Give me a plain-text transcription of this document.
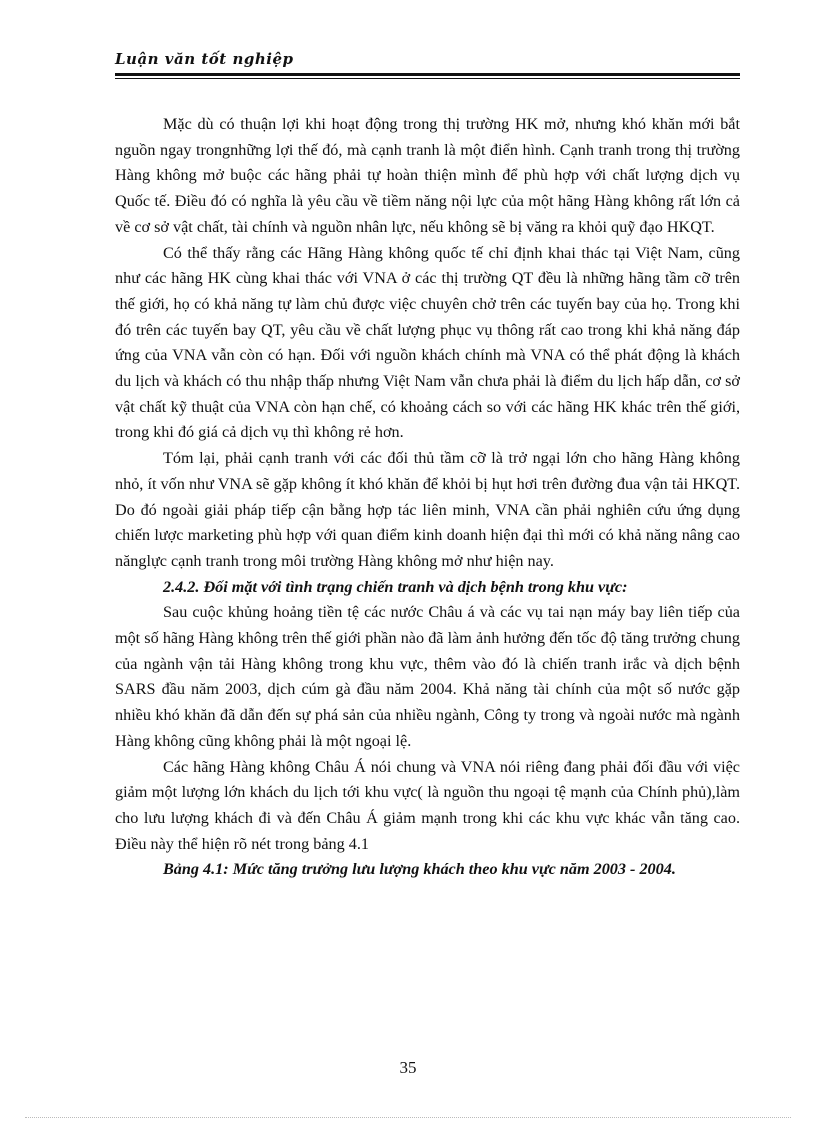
Luận văn tốt nghiệp

Mặc dù có thuận lợi khi hoạt động trong thị trường HK mở, nhưng khó khăn mới bắt nguồn ngay trongnhững lợi thế đó, mà cạnh tranh là một điển hình. Cạnh tranh trong thị trường Hàng không mở buộc các hãng phải tự hoàn thiện mình để phù hợp với chất lượng dịch vụ Quốc tế. Điều đó có nghĩa là yêu cầu về tiềm năng nội lực của một hãng Hàng không rất lớn cả về cơ sở vật chất, tài chính và nguồn nhân lực, nếu không sẽ bị văng ra khỏi quỹ đạo HKQT.

Có thể thấy rằng các Hãng Hàng không quốc tế chỉ định khai thác tại Việt Nam, cũng như các hãng HK cùng khai thác với VNA ở các thị trường QT đều là những hãng tầm cỡ trên thế giới, họ có khả năng tự làm chủ được việc chuyên chở trên các tuyến bay của họ. Trong khi đó trên các tuyến bay QT, yêu cầu về chất lượng phục vụ thông rất cao trong khi khả năng đáp ứng của VNA vẫn còn có hạn. Đối với nguồn khách chính mà VNA có thể phát động là khách du lịch và khách có thu nhập thấp nhưng Việt Nam vẫn chưa phải là điểm du lịch hấp dẫn, cơ sở vật chất kỹ thuật của VNA còn hạn chế, có khoảng cách so với các hãng HK khác trên thế giới, trong khi đó giá cả dịch vụ thì không rẻ hơn.

Tóm lại, phải cạnh tranh với các đối thủ tầm cỡ là trở ngại lớn cho hãng Hàng không nhỏ, ít vốn như VNA sẽ gặp không ít khó khăn để khỏi bị hụt hơi trên đường đua vận tải HKQT. Do đó ngoài giải pháp tiếp cận bằng hợp tác liên minh, VNA cần phải nghiên cứu ứng dụng chiến lược marketing phù hợp với quan điểm kinh doanh hiện đại thì mới có khả năng nâng cao nănglực cạnh tranh trong môi trường Hàng không mở như hiện nay.

2.4.2. Đối mặt với tình trạng chiến tranh và dịch bệnh trong khu vực:

Sau cuộc khủng hoảng tiền tệ các nước Châu á và các vụ tai nạn máy bay liên tiếp của một số hãng Hàng không trên thế giới phần nào đã làm ảnh hưởng đến tốc độ tăng trưởng chung của ngành vận tải Hàng không trong khu vực, thêm vào đó là chiến tranh irắc và dịch bệnh SARS đầu năm 2003, dịch cúm gà đầu năm 2004. Khả năng tài chính của một số nước gặp nhiều khó khăn đã dẫn đến sự phá sản của nhiều ngành, Công ty trong và ngoài nước mà ngành Hàng không cũng không phải là một ngoại lệ.

Các hãng Hàng không Châu Á nói chung và VNA nói riêng đang phải đối đầu với việc giảm một lượng lớn khách du lịch tới khu vực( là nguồn thu ngoại tệ mạnh của Chính phủ),làm cho lưu lượng khách đi và đến Châu Á giảm mạnh trong khi các khu vực khác vẫn tăng cao. Điều này thể hiện rõ nét trong bảng 4.1

Bảng 4.1: Mức tăng trưởng lưu lượng khách theo khu vực năm 2003 - 2004.

35
